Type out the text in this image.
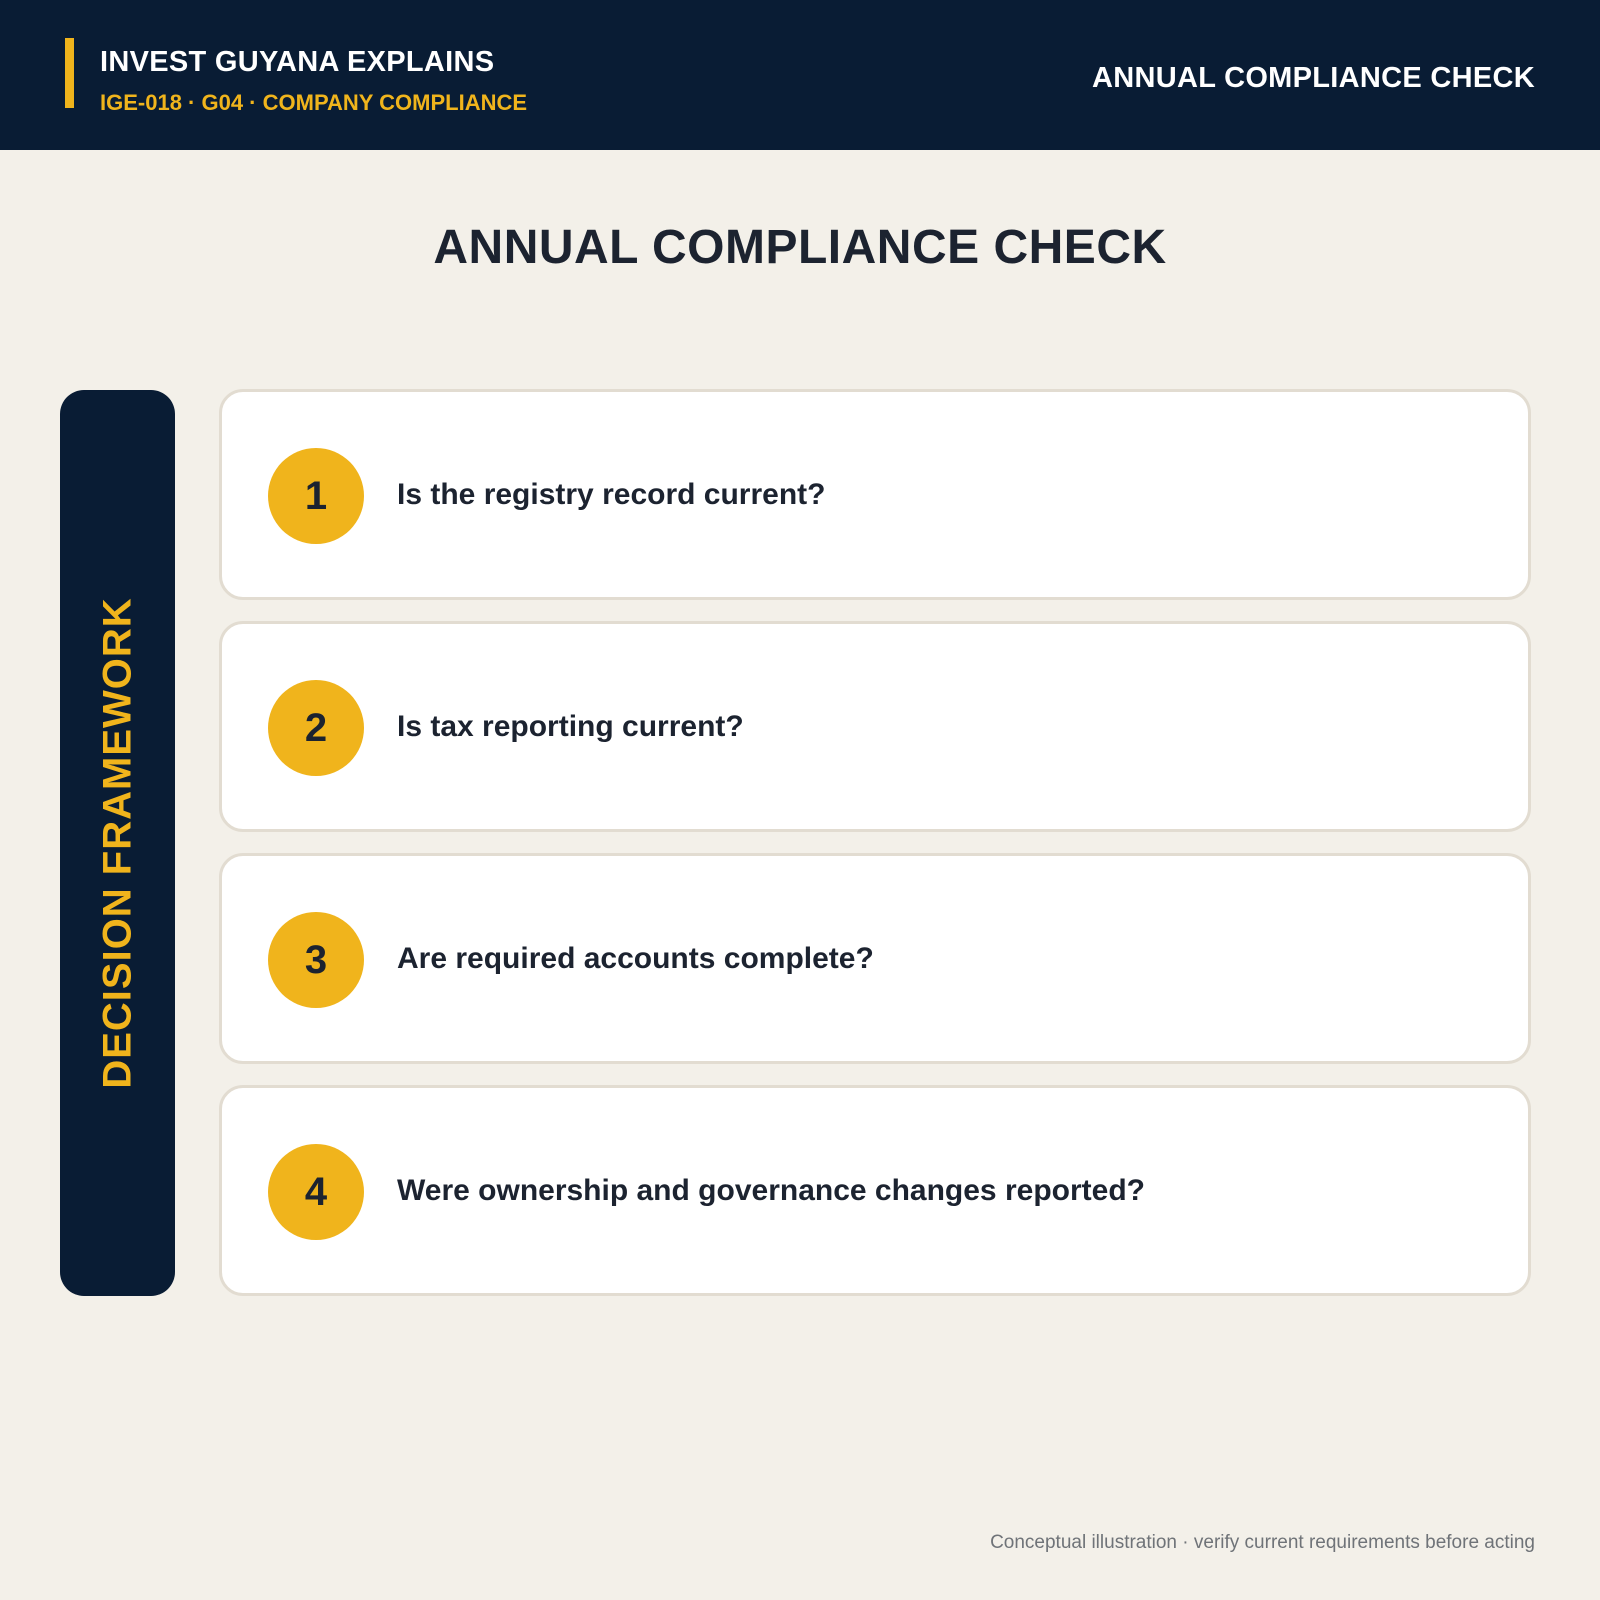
INVEST GUYANA EXPLAINS
IGE-018 · G04 · COMPANY COMPLIANCE
ANNUAL COMPLIANCE CHECK
ANNUAL COMPLIANCE CHECK
DECISION FRAMEWORK
1	Is the registry record current?
2	Is tax reporting current?
3	Are required accounts complete?
4	Were ownership and governance changes reported?
Conceptual illustration · verify current requirements before acting
